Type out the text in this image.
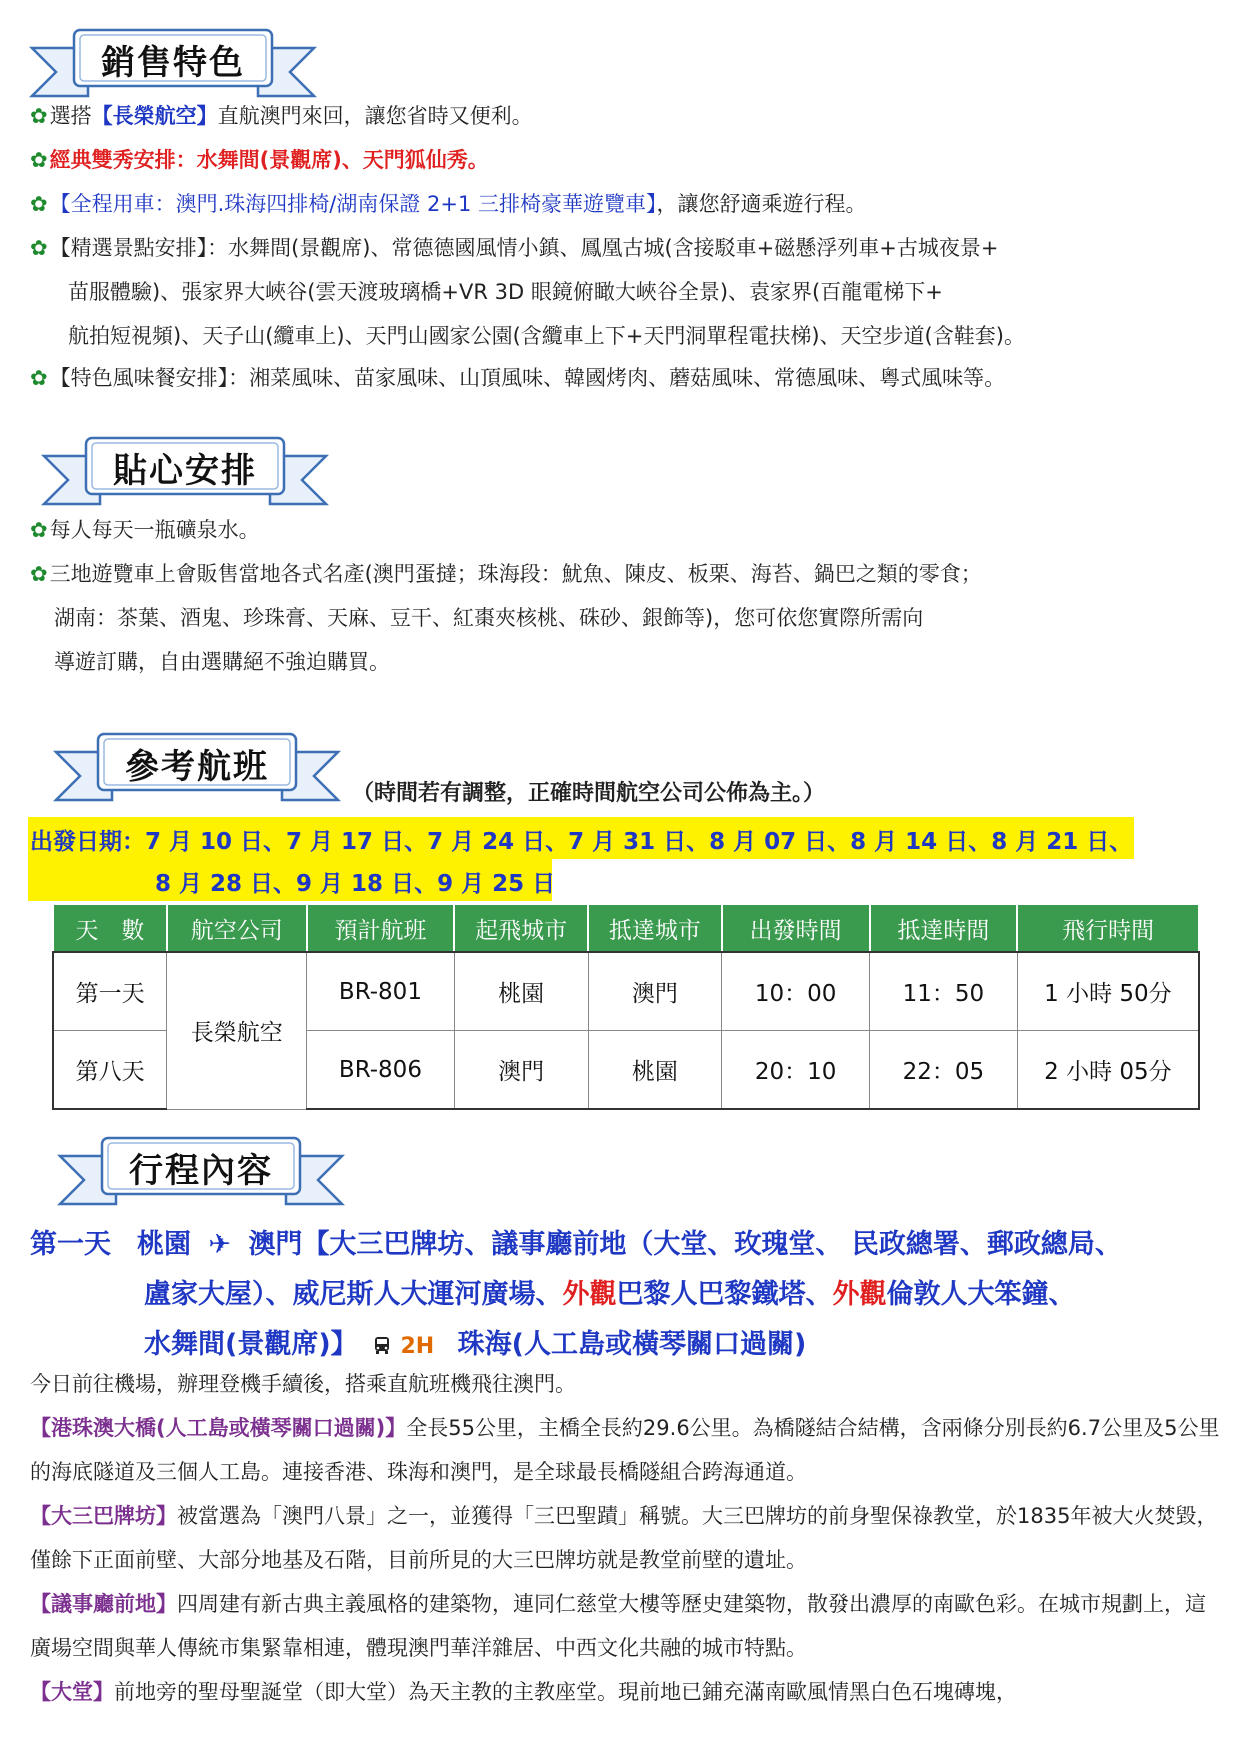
銷售特色
✿選搭【長榮航空】直航澳門來回，讓您省時又便利。
✿經典雙秀安排：水舞間(景觀席)、天門狐仙秀。
✿【全程用車：澳門.珠海四排椅/湖南保證 2+1 三排椅豪華遊覽車】，讓您舒適乘遊行程。
✿【精選景點安排】：水舞間(景觀席)、常德德國風情小鎮、鳳凰古城(含接駁車+磁懸浮列車+古城夜景+
苗服體驗)、張家界大峽谷(雲天渡玻璃橋+VR 3D 眼鏡俯瞰大峽谷全景)、袁家界(百龍電梯下+
航拍短視頻)、天子山(纜車上)、天門山國家公園(含纜車上下+天門洞單程電扶梯)、天空步道(含鞋套)。
✿【特色風味餐安排】：湘菜風味、苗家風味、山頂風味、韓國烤肉、蘑菇風味、常德風味、粵式風味等。
貼心安排
✿每人每天一瓶礦泉水。
✿三地遊覽車上會販售當地各式名產(澳門蛋撻；珠海段：魷魚、陳皮、板栗、海苔、鍋巴之類的零食；
湖南：茶葉、酒鬼、珍珠膏、天麻、豆干、紅棗夾核桃、硃砂、銀飾等)，您可依您實際所需向
導遊訂購，自由選購絕不強迫購買。
參考航班
（時間若有調整，正確時間航空公司公佈為主。）
出發日期：7 月 10 日、7 月 17 日、7 月 24 日、7 月 31 日、8 月 07 日、8 月 14 日、8 月 21 日、
8 月 28 日、9 月 18 日、9 月 25 日
天　數	航空公司	預計航班	起飛城市	抵達城市	出發時間	抵達時間	飛行時間
第一天	長榮航空	BR-801	桃園	澳門	10：00	11：50	1 小時 50分
第八天		BR-806	澳門	桃園	20：10	22：05	2 小時 05分
行程內容
第一天 桃園 ✈ 澳門【大三巴牌坊、議事廳前地（大堂、玫瑰堂、 民政總署、郵政總局、
盧家大屋）、威尼斯人大運河廣場、外觀巴黎人巴黎鐵塔、外觀倫敦人大笨鐘、
水舞間(景觀席)】 2H 珠海(人工島或橫琴關口過關)
今日前往機場，辦理登機手續後，搭乘直航班機飛往澳門。

【港珠澳大橋(人工島或橫琴關口過關)】全長55公里，主橋全長約29.6公里。為橋隧結合結構，含兩條分別長約6.7公里及5公里的海底隧道及三個人工島。連接香港、珠海和澳門，是全球最長橋隧組合跨海通道。

【大三巴牌坊】被當選為「澳門八景」之一，並獲得「三巴聖蹟」稱號。大三巴牌坊的前身聖保祿教堂，於1835年被大火焚毀，僅餘下正面前壁、大部分地基及石階，目前所見的大三巴牌坊就是教堂前壁的遺址。

【議事廳前地】四周建有新古典主義風格的建築物，連同仁慈堂大樓等歷史建築物，散發出濃厚的南歐色彩。在城市規劃上，這廣場空間與華人傳統市集緊靠相連，體現澳門華洋雜居、中西文化共融的城市特點。

【大堂】前地旁的聖母聖誕堂（即大堂）為天主教的主教座堂。現前地已鋪充滿南歐風情黑白色石塊磚塊，
